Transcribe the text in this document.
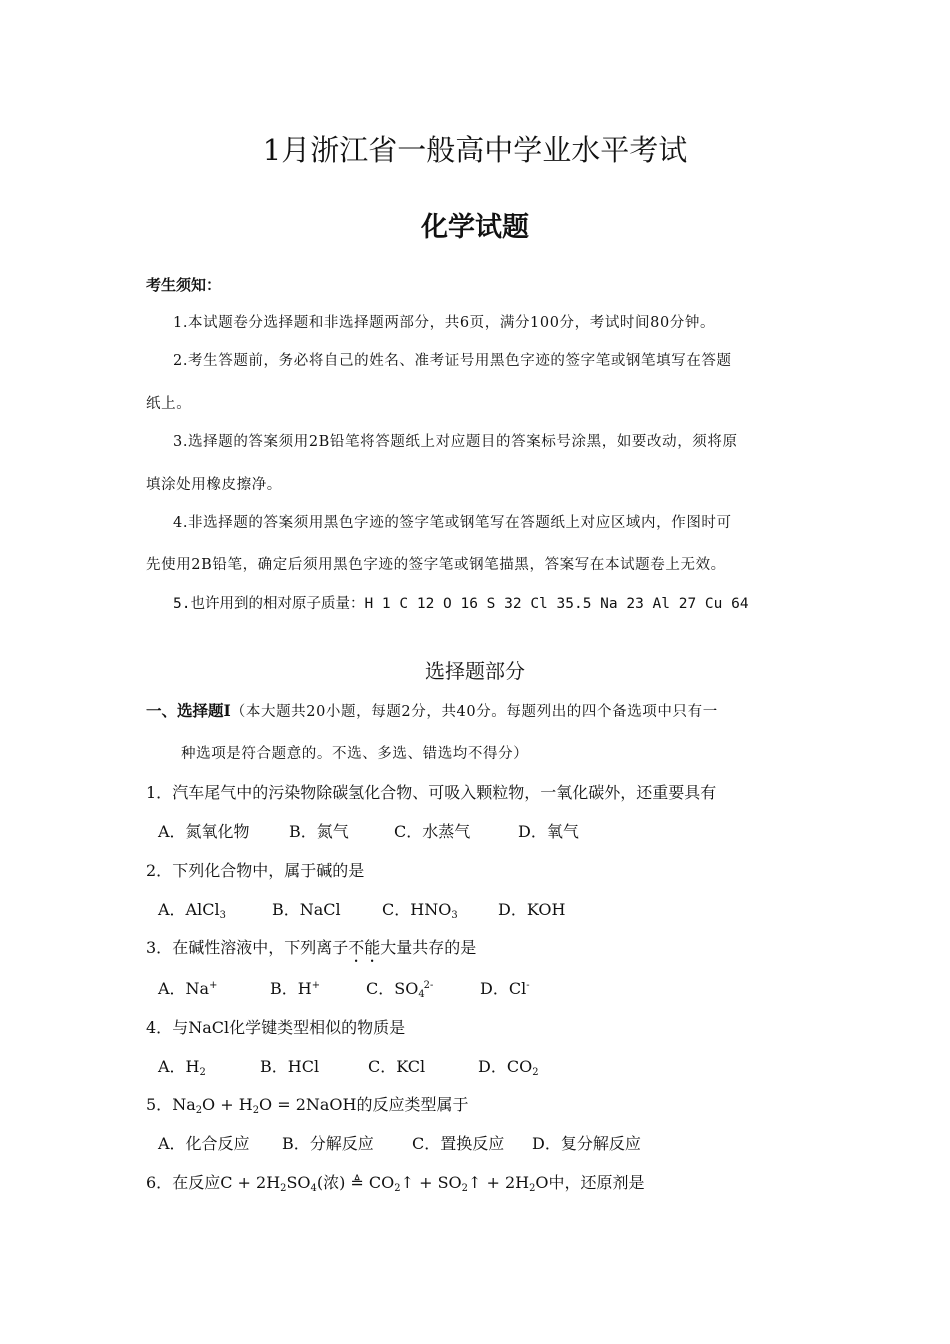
1月浙江省一般高中学业水平考试
化学试题
考生须知：
1.本试题卷分选择题和非选择题两部分，共6页，满分100分，考试时间80分钟。
2.考生答题前，务必将自己的姓名、准考证号用黑色字迹的签字笔或钢笔填写在答题
纸上。
3.选择题的答案须用2B铅笔将答题纸上对应题目的答案标号涂黑，如要改动，须将原
填涂处用橡皮擦净。
4.非选择题的答案须用黑色字迹的签字笔或钢笔写在答题纸上对应区域内，作图时可
先使用2B铅笔，确定后须用黑色字迹的签字笔或钢笔描黑，答案写在本试题卷上无效。
5.也许用到的相对原子质量：H 1 C 12 O 16 S 32 Cl 35.5 Na 23 Al 27 Cu 64
选择题部分
一、选择题Ⅰ（本大题共20小题，每题2分，共40分。每题列出的四个备选项中只有一
种选项是符合题意的。不选、多选、错选均不得分）
1．汽车尾气中的污染物除碳氢化合物、可吸入颗粒物，一氧化碳外，还重要具有
A．氮氧化物 B．氮气	C．水蒸气	D．氧气
2．下列化合物中，属于碱的是
A．AlCl$_3$	B．NaCl	C．$HNO_3$	D．KOH
3．在碱性溶液中，下列离子不能大量共存的是
A．Na+	B．H+	C．$SO_4^{2-}$	D．Cl-
4．与NaCl化学键类型相似的物质是
A．$H_2$	B．HCl	C．KCl	D．$CO_2$
5．$Na_2O + H_2O$ = 2NaOH的反应类型属于
A．化合反应 B．分解反应 C．置换反应 D．复分解反应
6．在反应$C + 2H_2SO_4$(浓) ≜ $CO_2↑$ + $SO_2↑ + 2H_2O$中，还原剂是
